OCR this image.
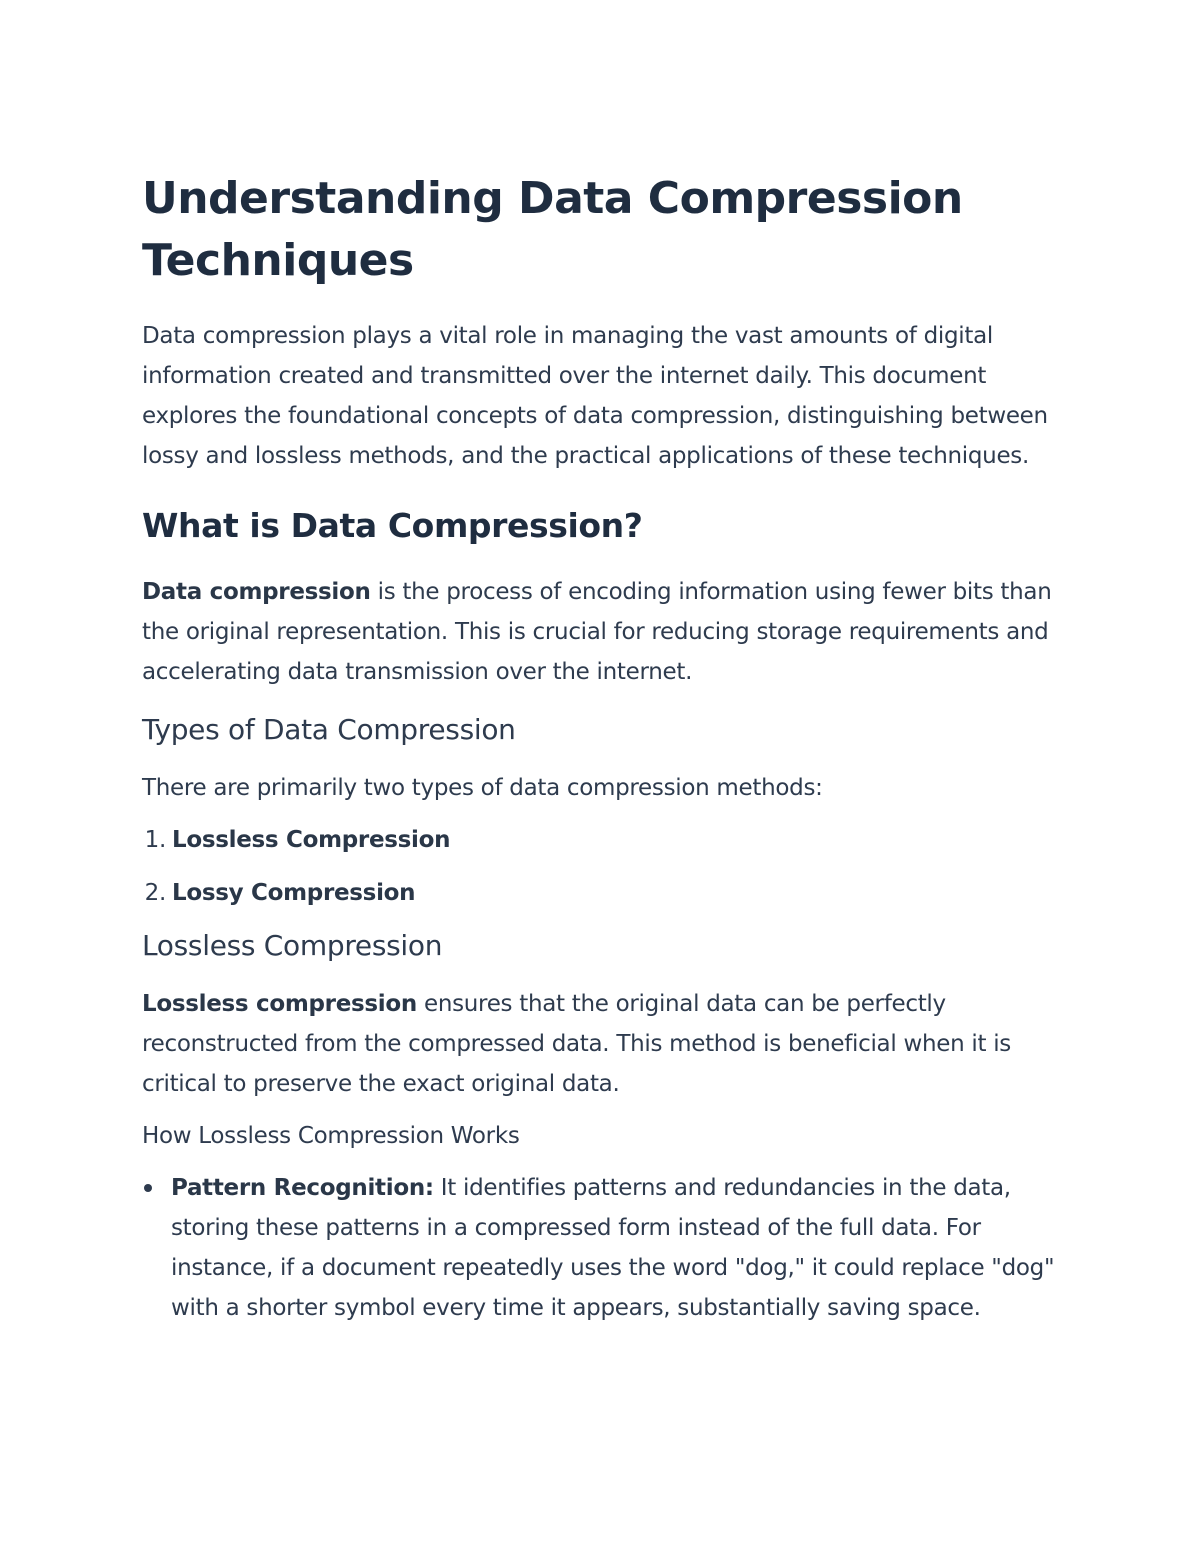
Understanding Data Compression Techniques

Data compression plays a vital role in managing the vast amounts of digital information created and transmitted over the internet daily. This document explores the foundational concepts of data compression, distinguishing between lossy and lossless methods, and the practical applications of these techniques.

What is Data Compression?

Data compression is the process of encoding information using fewer bits than the original representation. This is crucial for reducing storage requirements and accelerating data transmission over the internet.

Types of Data Compression

There are primarily two types of data compression methods:

1. Lossless Compression
2. Lossy Compression
Lossless Compression

Lossless compression ensures that the original data can be perfectly reconstructed from the compressed data. This method is beneficial when it is critical to preserve the exact original data.

How Lossless Compression Works
Pattern Recognition: It identifies patterns and redundancies in the data, storing these patterns in a compressed form instead of the full data. For instance, if a document repeatedly uses the word "dog," it could replace "dog" with a shorter symbol every time it appears, substantially saving space.
